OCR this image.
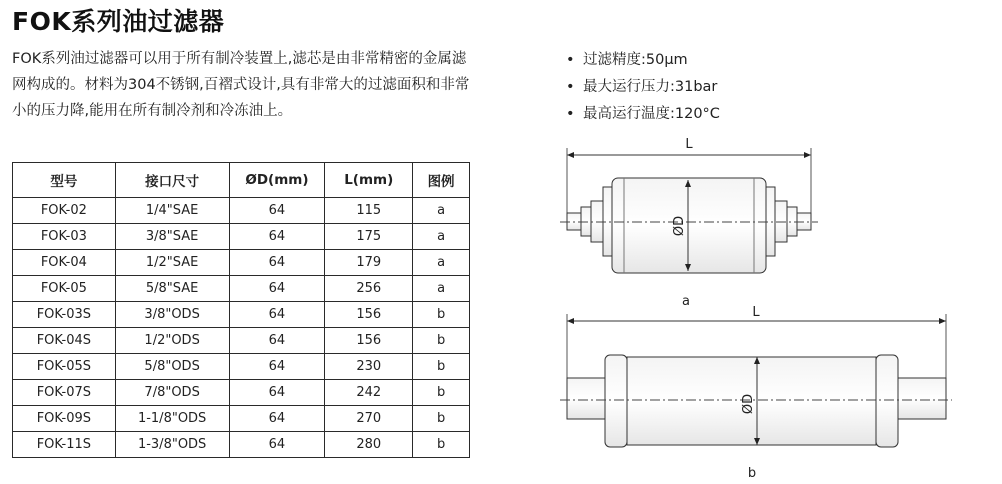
FOK系列油过滤器

FOK系列油过滤器可以用于所有制冷装置上,滤芯是由非常精密的金属滤网构成的。材料为304不锈钢,百褶式设计,具有非常大的过滤面积和非常小的压力降,能用在所有制冷剂和冷冻油上。

型号	接口尺寸	ØD(mm)	L(mm)	图例
FOK-02	1/4"SAE	64	115	a
FOK-03	3/8"SAE	64	175	a
FOK-04	1/2"SAE	64	179	a
FOK-05	5/8"SAE	64	256	a
FOK-03S	3/8"ODS	64	156	b
FOK-04S	1/2"ODS	64	156	b
FOK-05S	5/8"ODS	64	230	b
FOK-07S	7/8"ODS	64	242	b
FOK-09S	1-1/8"ODS	64	270	b
FOK-11S	1-3/8"ODS	64	280	b
• 过滤精度:50μm
• 最大运行压力:31bar
• 最高运行温度:120°C
L
ØD
a
L
ØD
b
